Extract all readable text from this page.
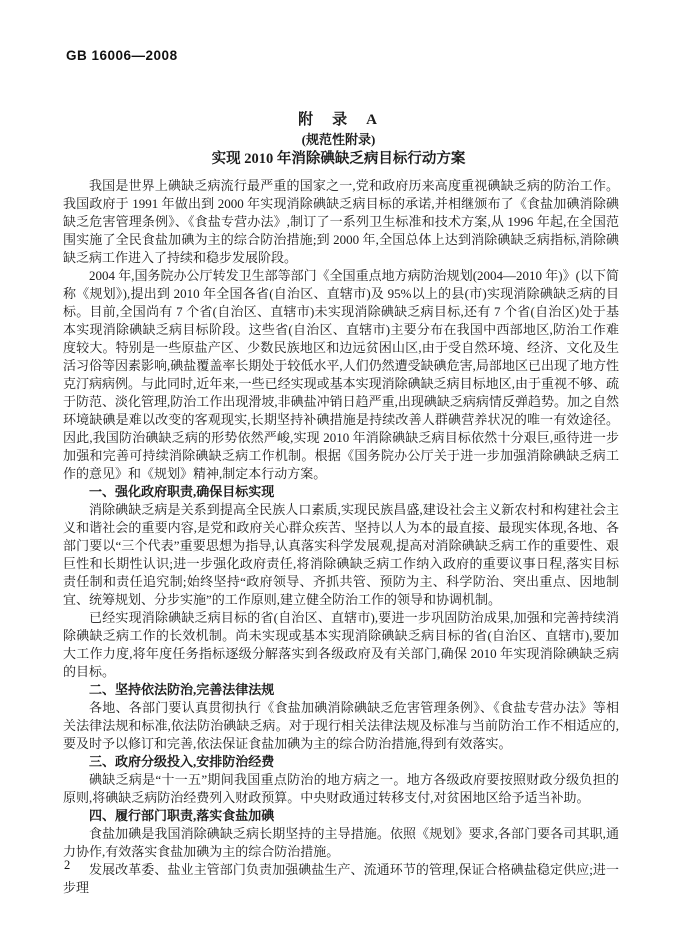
GB 16006—2008
附　录　A
(规范性附录)
实现 2010 年消除碘缺乏病目标行动方案

我国是世界上碘缺乏病流行最严重的国家之一,党和政府历来高度重视碘缺乏病的防治工作。我国政府于 1991 年做出到 2000 年实现消除碘缺乏病目标的承诺,并相继颁布了《食盐加碘消除碘缺乏危害管理条例》、《食盐专营办法》,制订了一系列卫生标准和技术方案,从 1996 年起,在全国范围实施了全民食盐加碘为主的综合防治措施;到 2000 年,全国总体上达到消除碘缺乏病指标,消除碘缺乏病工作进入了持续和稳步发展阶段。

2004 年,国务院办公厅转发卫生部等部门《全国重点地方病防治规划(2004—2010 年)》(以下简称《规划》),提出到 2010 年全国各省(自治区、直辖市)及 95%以上的县(市)实现消除碘缺乏病的目标。目前,全国尚有 7 个省(自治区、直辖市)未实现消除碘缺乏病目标,还有 7 个省(自治区)处于基本实现消除碘缺乏病目标阶段。这些省(自治区、直辖市)主要分布在我国中西部地区,防治工作难度较大。特别是一些原盐产区、少数民族地区和边远贫困山区,由于受自然环境、经济、文化及生活习俗等因素影响,碘盐覆盖率长期处于较低水平,人们仍然遭受缺碘危害,局部地区已出现了地方性克汀病病例。与此同时,近年来,一些已经实现或基本实现消除碘缺乏病目标地区,由于重视不够、疏于防范、淡化管理,防治工作出现滑坡,非碘盐冲销日趋严重,出现碘缺乏病病情反弹趋势。加之自然环境缺碘是难以改变的客观现实,长期坚持补碘措施是持续改善人群碘营养状况的唯一有效途径。因此,我国防治碘缺乏病的形势依然严峻,实现 2010 年消除碘缺乏病目标依然十分艰巨,亟待进一步加强和完善可持续消除碘缺乏病工作机制。根据《国务院办公厅关于进一步加强消除碘缺乏病工作的意见》和《规划》精神,制定本行动方案。

一、强化政府职责,确保目标实现

消除碘缺乏病是关系到提高全民族人口素质,实现民族昌盛,建设社会主义新农村和构建社会主义和谐社会的重要内容,是党和政府关心群众疾苦、坚持以人为本的最直接、最现实体现,各地、各部门要以“三个代表”重要思想为指导,认真落实科学发展观,提高对消除碘缺乏病工作的重要性、艰巨性和长期性认识;进一步强化政府责任,将消除碘缺乏病工作纳入政府的重要议事日程,落实目标责任制和责任追究制;始终坚持“政府领导、齐抓共管、预防为主、科学防治、突出重点、因地制宜、统筹规划、分步实施”的工作原则,建立健全防治工作的领导和协调机制。

已经实现消除碘缺乏病目标的省(自治区、直辖市),要进一步巩固防治成果,加强和完善持续消除碘缺乏病工作的长效机制。尚未实现或基本实现消除碘缺乏病目标的省(自治区、直辖市),要加大工作力度,将年度任务指标逐级分解落实到各级政府及有关部门,确保 2010 年实现消除碘缺乏病的目标。

二、坚持依法防治,完善法律法规

各地、各部门要认真贯彻执行《食盐加碘消除碘缺乏危害管理条例》、《食盐专营办法》等相关法律法规和标准,依法防治碘缺乏病。对于现行相关法律法规及标准与当前防治工作不相适应的,要及时予以修订和完善,依法保证食盐加碘为主的综合防治措施,得到有效落实。

三、政府分级投入,安排防治经费

碘缺乏病是“十一五”期间我国重点防治的地方病之一。地方各级政府要按照财政分级负担的原则,将碘缺乏病防治经费列入财政预算。中央财政通过转移支付,对贫困地区给予适当补助。

四、履行部门职责,落实食盐加碘

食盐加碘是我国消除碘缺乏病长期坚持的主导措施。依照《规划》要求,各部门要各司其职,通力协作,有效落实食盐加碘为主的综合防治措施。

发展改革委、盐业主管部门负责加强碘盐生产、流通环节的管理,保证合格碘盐稳定供应;进一步理

2
